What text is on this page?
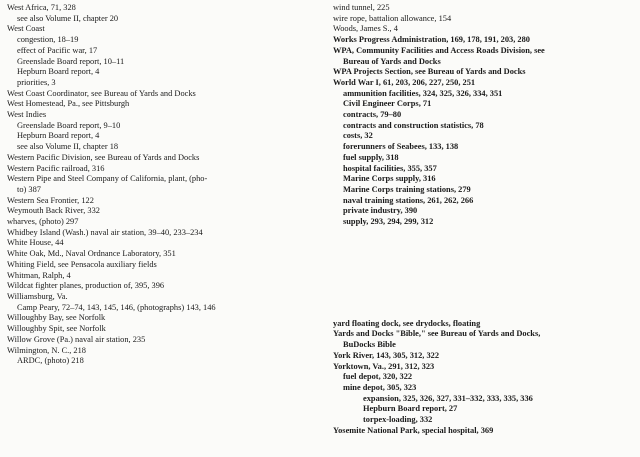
West Africa, 71, 328
see also Volume II, chapter 20
West Coast
congestion, 18–19
effect of Pacific war, 17
Greenslade Board report, 10–11
Hepburn Board report, 4
priorities, 3
West Coast Coordinator, see Bureau of Yards and Docks
West Homestead, Pa., see Pittsburgh
West Indies
Greenslade Board report, 9–10
Hepburn Board report, 4
see also Volume II, chapter 18
Western Pacific Division, see Bureau of Yards and Docks
Western Pacific railroad, 316
Western Pipe and Steel Company of California, plant, (pho-
to) 387
Western Sea Frontier, 122
Weymouth Back River, 332
wharves, (photo) 297
Whidbey Island (Wash.) naval air station, 39–40, 233–234
White House, 44
White Oak, Md., Naval Ordnance Laboratory, 351
Whiting Field, see Pensacola auxiliary fields
Whitman, Ralph, 4
Wildcat fighter planes, production of, 395, 396
Williamsburg, Va.
Camp Peary, 72–74, 143, 145, 146, (photographs) 143, 146
Willoughby Bay, see Norfolk
Willoughby Spit, see Norfolk
Willow Grove (Pa.) naval air station, 235
Wilmington, N. C., 218
ARDC, (photo) 218
wind tunnel, 225
wire rope, battalion allowance, 154
Woods, James S., 4
Works Progress Administration, 169, 178, 191, 203, 280
WPA, Community Facilities and Access Roads Division, see
Bureau of Yards and Docks
WPA Projects Section, see Bureau of Yards and Docks
World War I, 61, 203, 206, 227, 250, 251
ammunition facilities, 324, 325, 326, 334, 351
Civil Engineer Corps, 71
contracts, 79–80
contracts and construction statistics, 78
costs, 32
forerunners of Seabees, 133, 138
fuel supply, 318
hospital facilities, 355, 357
Marine Corps supply, 316
Marine Corps training stations, 279
naval training stations, 261, 262, 266
private industry, 390
supply, 293, 294, 299, 312
yard floating dock, see drydocks, floating
Yards and Docks "Bible," see Bureau of Yards and Docks,
BuDocks Bible
York River, 143, 305, 312, 322
Yorktown, Va., 291, 312, 323
fuel depot, 320, 322
mine depot, 305, 323
expansion, 325, 326, 327, 331–332, 333, 335, 336
Hepburn Board report, 27
torpex-loading, 332
Yosemite National Park, special hospital, 369
